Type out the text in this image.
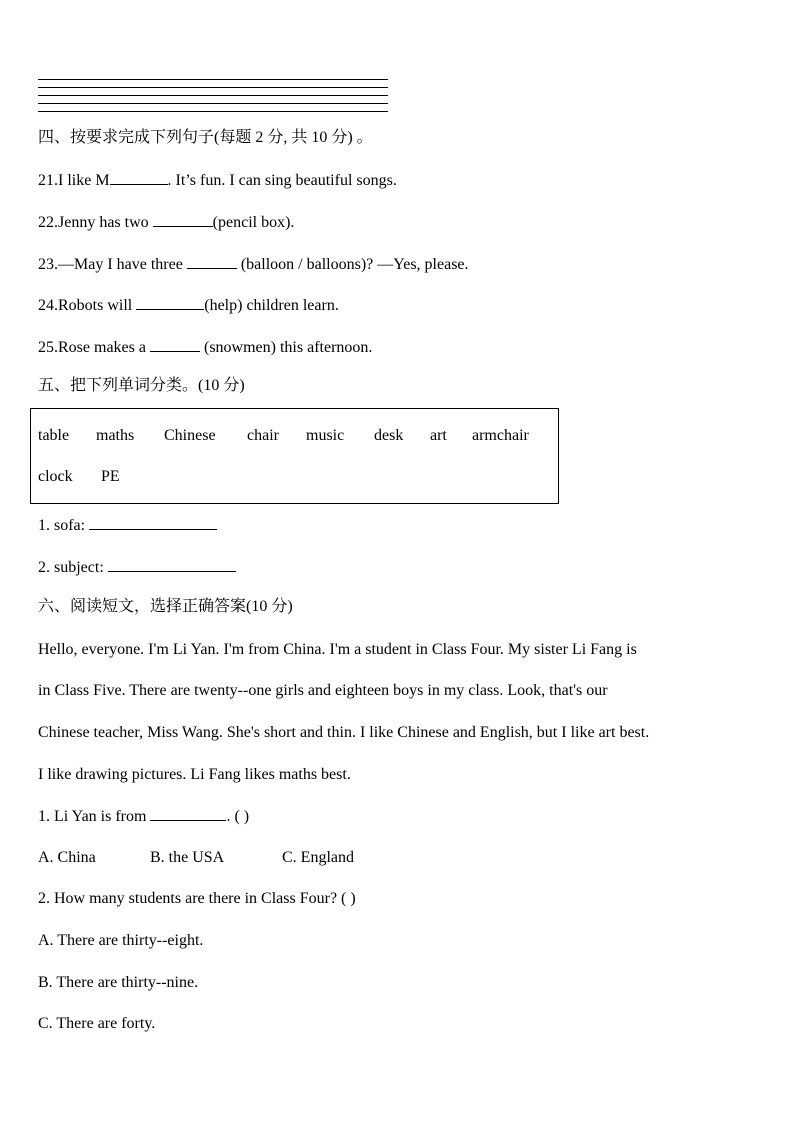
四、按要求完成下列句子(每题 2 分, 共 10 分) 。
21.I like M	. It’s fun. I can sing beautiful songs.
22.Jenny has two	(pencil box).
23.—May I have three	(balloon / balloons)? —Yes, please.
24.Robots will	(help) children learn.
25.Rose makes a	(snowmen) this afternoon.
五、把下列单词分类。(10 分)
table maths Chinese chair music desk art armchair
clock PE
1. sofa:
2. subject:
六、阅读短文，选择正确答案(10 分)
Hello, everyone. I'm Li Yan. I'm from China. I'm a student in Class Four. My sister Li Fang is
in Class Five. There are twenty--one girls and eighteen boys in my class. Look, that's our
Chinese teacher, Miss Wang. She's short and thin. I like Chinese and English, but I like art best.
I like drawing pictures. Li Fang likes maths best.
1. Li Yan is from	. ( )
A. China	B. the USA	C. England
2. How many students are there in Class Four? ( )
A. There are thirty--eight.
B. There are thirty--nine.
C. There are forty.
